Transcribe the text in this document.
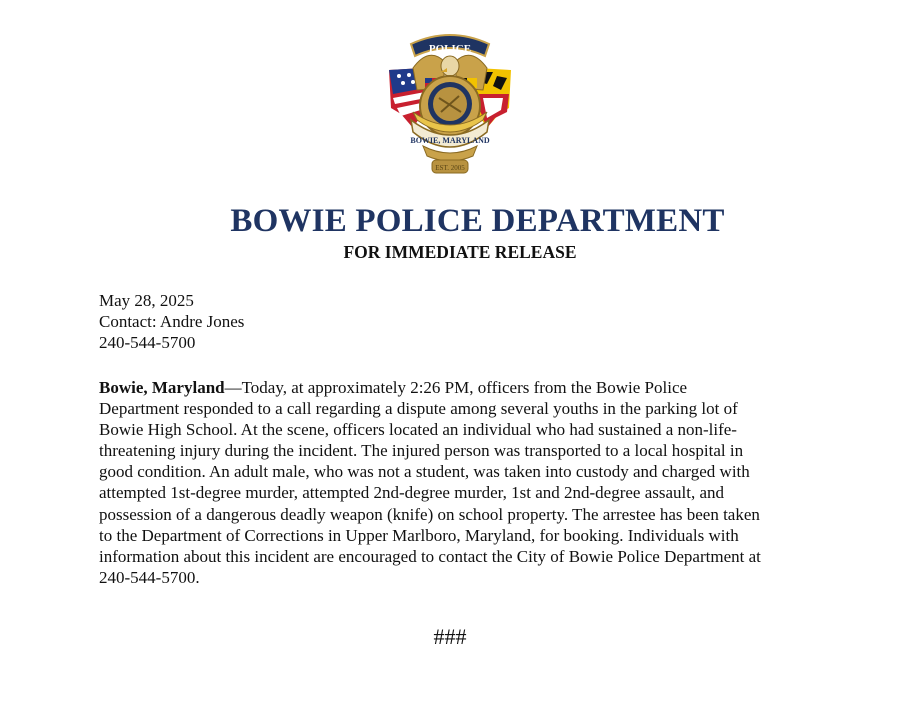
POLICE
BOWIE, MARYLAND
EST. 2005
BOWIE POLICE DEPARTMENT
FOR IMMEDIATE RELEASE
May 28, 2025
Contact: Andre Jones
240-544-5700
Bowie, Maryland—Today, at approximately 2:26 PM, officers from the Bowie Police
Department responded to a call regarding a dispute among several youths in the parking lot of
Bowie High School. At the scene, officers located an individual who had sustained a non-life-
threatening injury during the incident. The injured person was transported to a local hospital in
good condition. An adult male, who was not a student, was taken into custody and charged with
attempted 1st-degree murder, attempted 2nd-degree murder, 1st and 2nd-degree assault, and
possession of a dangerous deadly weapon (knife) on school property. The arrestee has been taken
to the Department of Corrections in Upper Marlboro, Maryland, for booking. Individuals with
information about this incident are encouraged to contact the City of Bowie Police Department at
240-544-5700.
###
